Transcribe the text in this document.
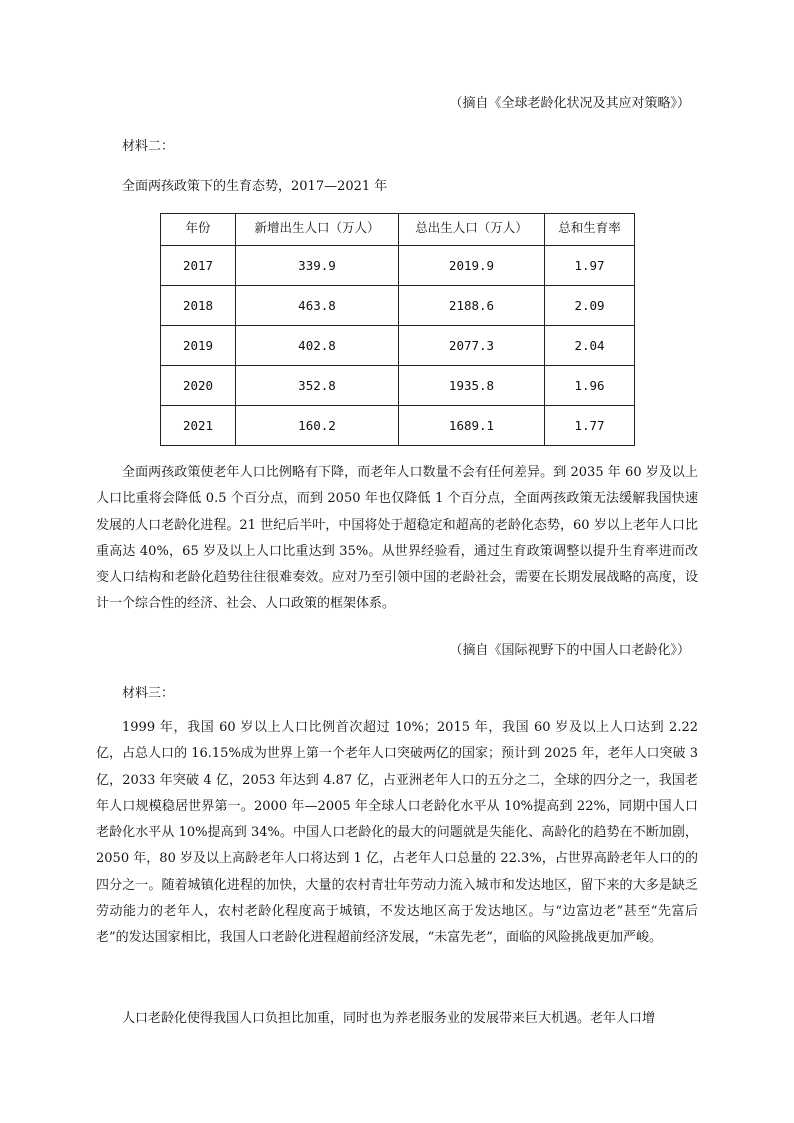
（摘自《全球老龄化状况及其应对策略》）
材料二：
全面两孩政策下的生育态势，2017—2021 年
年份	新增出生人口（万人）	总出生人口（万人）	总和生育率
2017	339.9	2019.9	1.97
2018	463.8	2188.6	2.09
2019	402.8	2077.3	2.04
2020	352.8	1935.8	1.96
2021	160.2	1689.1	1.77
全面两孩政策使老年人口比例略有下降，而老年人口数量不会有任何差异。到 2035 年 60 岁及以上人口比重将会降低 0.5 个百分点，而到 2050 年也仅降低 1 个百分点，全面两孩政策无法缓解我国快速发展的人口老龄化进程。21 世纪后半叶，中国将处于超稳定和超高的老龄化态势，60 岁以上老年人口比重高达 40%，65 岁及以上人口比重达到 35%。从世界经验看，通过生育政策调整以提升生育率进而改变人口结构和老龄化趋势往往很难奏效。应对乃至引领中国的老龄社会，需要在长期发展战略的高度，设计一个综合性的经济、社会、人口政策的框架体系。
（摘自《国际视野下的中国人口老龄化》）
材料三：
1999 年，我国 60 岁以上人口比例首次超过 10%；2015 年，我国 60 岁及以上人口达到 2.22 亿，占总人口的 16.15%成为世界上第一个老年人口突破两亿的国家；预计到 2025 年，老年人口突破 3 亿，2033 年突破 4 亿，2053 年达到 4.87 亿，占亚洲老年人口的五分之二，全球的四分之一，我国老年人口规模稳居世界第一。2000 年—2005 年全球人口老龄化水平从 10%提高到 22%，同期中国人口老龄化水平从 10%提高到 34%。中国人口老龄化的最大的问题就是失能化、高龄化的趋势在不断加剧，2050 年，80 岁及以上高龄老年人口将达到 1 亿，占老年人口总量的 22.3%，占世界高龄老年人口的的四分之一。随着城镇化进程的加快，大量的农村青壮年劳动力流入城市和发达地区，留下来的大多是缺乏劳动能力的老年人，农村老龄化程度高于城镇，不发达地区高于发达地区。与“边富边老”甚至“先富后老”的发达国家相比，我国人口老龄化进程超前经济发展，“未富先老”，面临的风险挑战更加严峻。
人口老龄化使得我国人口负担比加重，同时也为养老服务业的发展带来巨大机遇。老年人口增
